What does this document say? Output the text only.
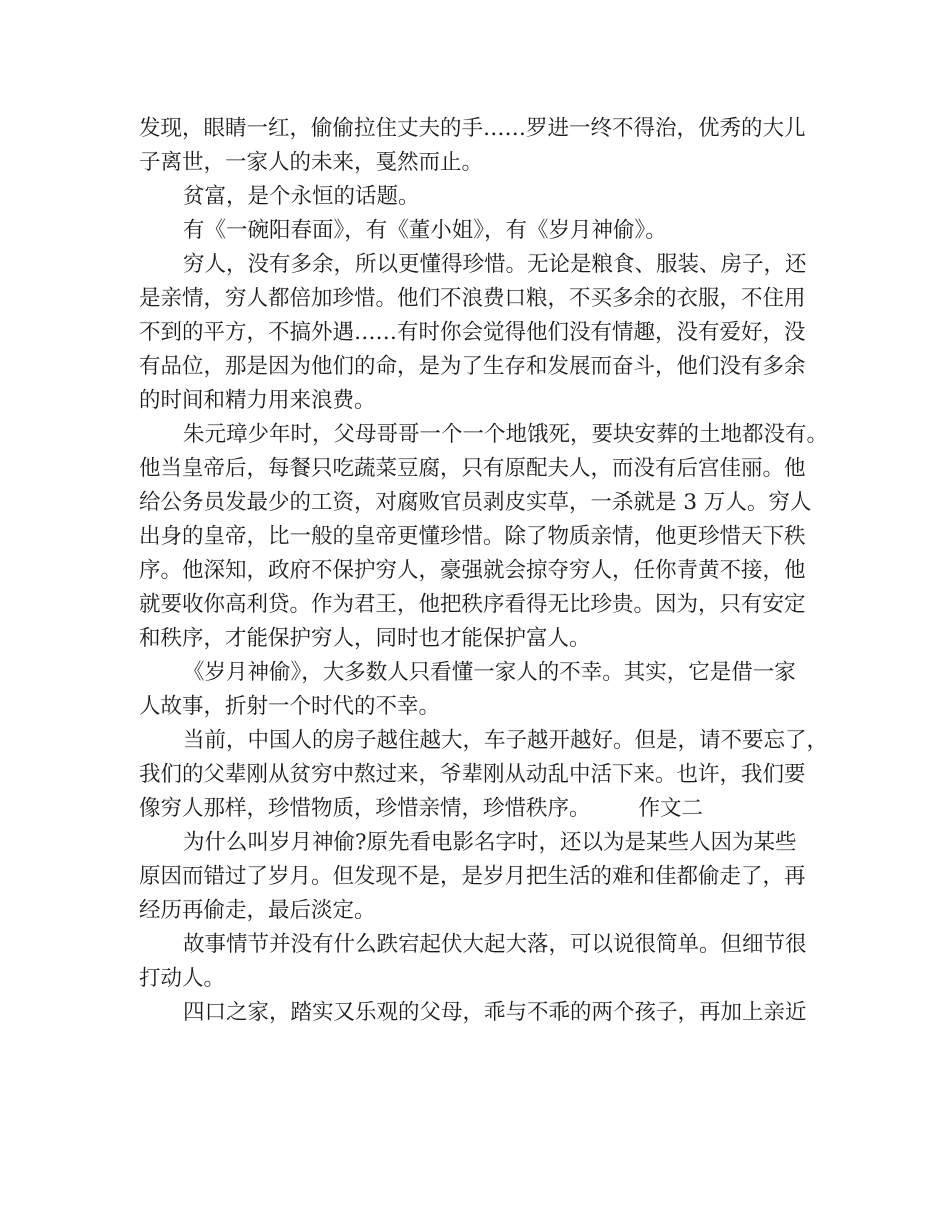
发现，眼睛一红，偷偷拉住丈夫的手……罗进一终不得治，优秀的大儿
子离世，一家人的未来，戛然而止。
贫富，是个永恒的话题。
有《一碗阳春面》，有《董小姐》，有《岁月神偷》。
穷人，没有多余，所以更懂得珍惜。无论是粮食、服装、房子，还
是亲情，穷人都倍加珍惜。他们不浪费口粮，不买多余的衣服，不住用
不到的平方，不搞外遇……有时你会觉得他们没有情趣，没有爱好，没
有品位，那是因为他们的命，是为了生存和发展而奋斗，他们没有多余
的时间和精力用来浪费。
朱元璋少年时，父母哥哥一个一个地饿死，要块安葬的土地都没有。
他当皇帝后，每餐只吃蔬菜豆腐，只有原配夫人，而没有后宫佳丽。他
给公务员发最少的工资，对腐败官员剥皮实草，一杀就是 3 万人。穷人
出身的皇帝，比一般的皇帝更懂珍惜。除了物质亲情，他更珍惜天下秩
序。他深知，政府不保护穷人，豪强就会掠夺穷人，任你青黄不接，他
就要收你高利贷。作为君王，他把秩序看得无比珍贵。因为，只有安定
和秩序，才能保护穷人，同时也才能保护富人。
《岁月神偷》，大多数人只看懂一家人的不幸。其实，它是借一家
人故事，折射一个时代的不幸。
当前，中国人的房子越住越大，车子越开越好。但是，请不要忘了，
我们的父辈刚从贫穷中熬过来，爷辈刚从动乱中活下来。也许，我们要
像穷人那样，珍惜物质，珍惜亲情，珍惜秩序。 作文二
为什么叫岁月神偷?原先看电影名字时，还以为是某些人因为某些
原因而错过了岁月。但发现不是，是岁月把生活的难和佳都偷走了，再
经历再偷走，最后淡定。
故事情节并没有什么跌宕起伏大起大落，可以说很简单。但细节很
打动人。
四口之家，踏实又乐观的父母，乖与不乖的两个孩子，再加上亲近
